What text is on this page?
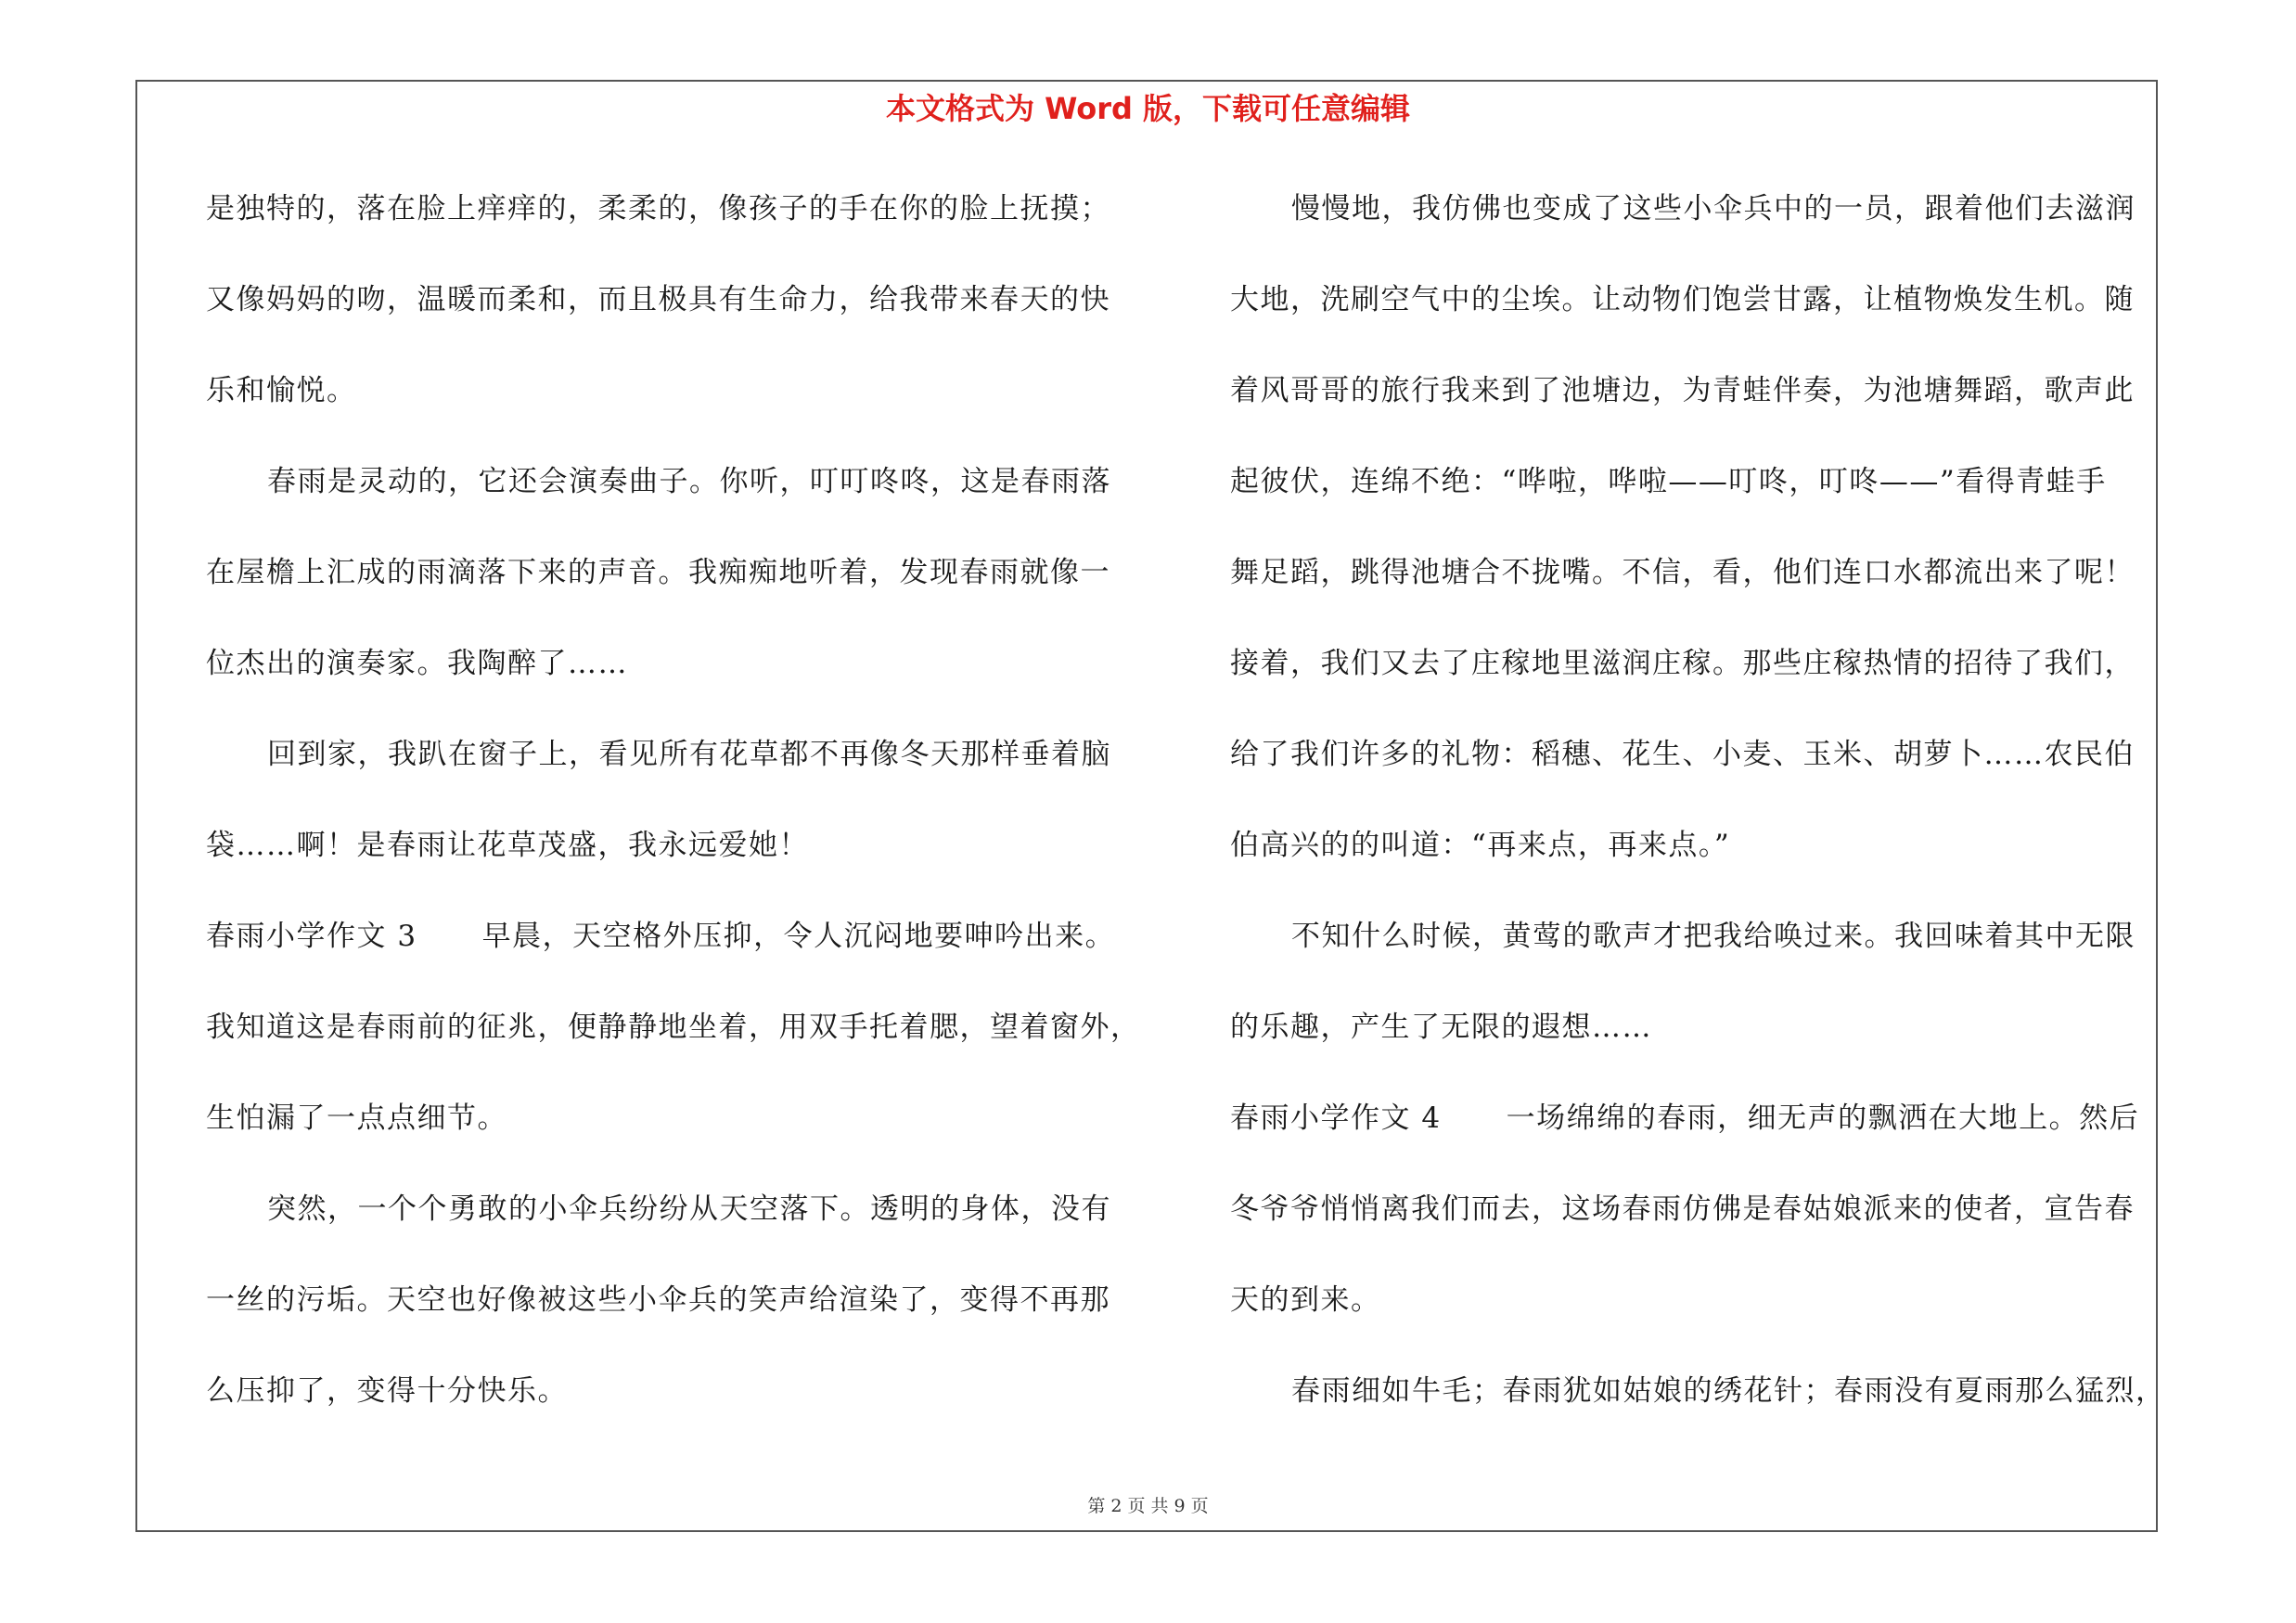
本文格式为 Word 版，下载可任意编辑
是独特的，落在脸上痒痒的，柔柔的，像孩子的手在你的脸上抚摸；
又像妈妈的吻，温暖而柔和，而且极具有生命力，给我带来春天的快
乐和愉悦。
春雨是灵动的，它还会演奏曲子。你听，叮叮咚咚，这是春雨落
在屋檐上汇成的雨滴落下来的声音。我痴痴地听着，发现春雨就像一
位杰出的演奏家。我陶醉了……
回到家，我趴在窗子上，看见所有花草都不再像冬天那样垂着脑
袋……啊！是春雨让花草茂盛，我永远爱她！
春雨小学作文 3 早晨，天空格外压抑，令人沉闷地要呻吟出来。
我知道这是春雨前的征兆，便静静地坐着，用双手托着腮，望着窗外，
生怕漏了一点点细节。
突然，一个个勇敢的小伞兵纷纷从天空落下。透明的身体，没有
一丝的污垢。天空也好像被这些小伞兵的笑声给渲染了，变得不再那
么压抑了，变得十分快乐。
慢慢地，我仿佛也变成了这些小伞兵中的一员，跟着他们去滋润
大地，洗刷空气中的尘埃。让动物们饱尝甘露，让植物焕发生机。随
着风哥哥的旅行我来到了池塘边，为青蛙伴奏，为池塘舞蹈，歌声此
起彼伏，连绵不绝：“哗啦，哗啦——叮咚，叮咚——”看得青蛙手
舞足蹈，跳得池塘合不拢嘴。不信，看，他们连口水都流出来了呢！
接着，我们又去了庄稼地里滋润庄稼。那些庄稼热情的招待了我们，
给了我们许多的礼物：稻穗、花生、小麦、玉米、胡萝卜……农民伯
伯高兴的的叫道：“再来点，再来点。”
不知什么时候，黄莺的歌声才把我给唤过来。我回味着其中无限
的乐趣，产生了无限的遐想……
春雨小学作文 4 一场绵绵的春雨，细无声的飘洒在大地上。然后
冬爷爷悄悄离我们而去，这场春雨仿佛是春姑娘派来的使者，宣告春
天的到来。
春雨细如牛毛；春雨犹如姑娘的绣花针；春雨没有夏雨那么猛烈，
第 2 页 共 9 页
